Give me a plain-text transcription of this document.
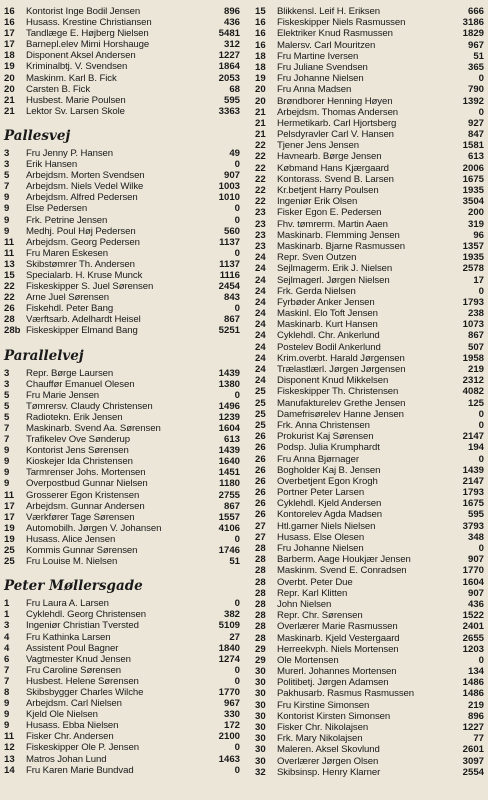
16	Kontorist Inge Bodil Jensen	896
16	Husass. Krestine Christiansen	436
17	Tandlæge E. Højberg Nielsen	5481
17	Barnepl.elev Mimi Horshauge	312
18	Disponent Aksel Andersen	1227
19	Kriminalbtj. V. Svendsen	1864
20	Maskinm. Karl B. Fick	2053
20	Carsten B. Fick	68
21	Husbest. Marie Poulsen	595
21	Lektor Sv. Larsen Skole	3363
Pallesvej
3	Fru Jenny P. Hansen	49
3	Erik Hansen	0
5	Arbejdsm. Morten Svendsen	907
7	Arbejdsm. Niels Vedel Wilke	1003
9	Arbejdsm. Alfred Pedersen	1010
9	Else Pedersen	0
9	Frk. Petrine Jensen	0
9	Medhj. Poul Høj Pedersen	560
11	Arbejdsm. Georg Pedersen	1137
11	Fru Maren Eskesen	0
13	Skibstømrer Th. Andersen	1137
15	Specialarb. H. Kruse Munck	1116
22	Fiskeskipper S. Juel Sørensen	2454
22	Arne Juel Sørensen	843
26	Fiskehdl. Peter Bang	0
28	Værftsarb. Adelhardt Heisel	867
28b Fiskeskipper Elmand Bang	5251
Parallelvej
3	Repr. Børge Laursen	1439
3	Chauffør Emanuel Olesen	1380
5	Fru Marie Jensen	0
5	Tømrersv. Claudy Christensen	1496
5	Radiotekn. Erik Jensen	1239
7	Maskinarb. Svend Aa. Sørensen	1604
7	Trafikelev Ove Sønderup	613
9	Kontorist Jens Sørensen	1439
9	Kioskejer Ida Christensen	1640
9	Tarmrenser Johs. Mortensen	1451
9	Overpostbud Gunnar Nielsen	1180
11	Grosserer Egon Kristensen	2755
17	Arbejdsm. Gunnar Andersen	867
17	Værkfører Tage Sørensen	1557
19	Automobilh. Jørgen V. Johansen	4106
19	Husass. Alice Jensen	0
25	Kommis Gunnar Sørensen	1746
25	Fru Louise M. Nielsen	51
Peter Møllersgade
1	Fru Laura A. Larsen	0
1	Cyklehdl. Georg Christensen	382
3	Ingeniør Christian Tversted	5109
4	Fru Kathinka Larsen	27
4	Assistent Poul Bagner	1840
6	Vagtmester Knud Jensen	1274
7	Fru Caroline Sørensen	0
7	Husbest. Helene Sørensen	0
8	Skibsbygger Charles Wilche	1770
9	Arbejdsm. Carl Nielsen	967
9	Kjeld Ole Nielsen	330
9	Husass. Ebba Nielsen	172
11	Fisker Chr. Andersen	2100
12	Fiskeskipper Ole P. Jensen	0
13	Matros Johan Lund	1463
14	Fru Karen Marie Bundvad	0
15	Blikkensl. Leif H. Eriksen	666
16	Fiskeskipper Niels Rasmussen	3186
16	Elektriker Knud Rasmussen	1829
16	Malersv. Carl Mouritzen	967
18	Fru Martine Iversen	51
18	Fru Juliane Svendsen	365
19	Fru Johanne Nielsen	0
20	Fru Anna Madsen	790
20	Brøndborer Henning Høyen	1392
21	Arbejdsm. Thomas Andersen	0
21	Hermetikarb. Carl Hjortsberg	927
21	Pelsdyravler Carl V. Hansen	847
22	Tjener Jens Jensen	1581
22	Havnearb. Børge Jensen	613
22	Købmand Hans Kjærgaard	2006
22	Kontorass. Svend B. Larsen	1675
22	Kr.betjent Harry Poulsen	1935
22	Ingeniør Erik Olsen	3504
23	Fisker Egon E. Pedersen	200
23	Fhv. tømrerm. Martin Aaen	319
23	Maskinarb. Flemming Jensen	96
23	Maskinarb. Bjarne Rasmussen	1357
24	Repr. Sven Outzen	1935
24	Sejlmagerm. Erik J. Nielsen	2578
24	Sejlmagerl. Jørgen Nielsen	17
24	Frk. Gerda Nielsen	0
24	Fyrbøder Anker Jensen	1793
24	Maskinl. Elo Toft Jensen	238
24	Maskinarb. Kurt Hansen	1073
24	Cyklehdl. Chr. Ankerlund	867
24	Postelev Bodil Ankerlund	507
24	Krim.overbt. Harald Jørgensen	1958
24	Trælastlærl. Jørgen Jørgensen	219
24	Disponent Knud Mikkelsen	2312
25	Fiskeskipper Th. Christensen	4082
25	Manufakturelev Grethe Jensen	125
25	Damefrisørelev Hanne Jensen	0
25	Frk. Anna Christensen	0
26	Prokurist Kaj Sørensen	2147
26	Podsp. Julia Krumphardt	194
26	Fru Anna Bjørnager	0
26	Bogholder Kaj B. Jensen	1439
26	Overbetjent Egon Krogh	2147
26	Portner Peter Larsen	1793
26	Cyklehdl. Kjeld Andersen	1675
26	Kontorelev Agda Madsen	595
27	Htl.garner Niels Nielsen	3793
27	Husass. Else Olesen	348
28	Fru Johanne Nielsen	0
28	Barberm. Aage Houkjær Jensen	907
28	Maskinm. Svend E. Conradsen	1770
28	Overbt. Peter Due	1604
28	Repr. Karl Klitten	907
28	John Nielsen	436
28	Repr. Chr. Sørensen	1522
28	Overlærer Marie Rasmussen	2401
28	Maskinarb. Kjeld Vestergaard	2655
29	Herreekvph. Niels Mortensen	1203
29	Ole Mortensen	0
30	Murerl. Johannes Mortensen	134
30	Politibetj. Jørgen Adamsen	1486
30	Pakhusarb. Rasmus Rasmussen	1486
30	Fru Kirstine Simonsen	219
30	Kontorist Kirsten Simonsen	896
30	Fisker Chr. Nikolajsen	1227
30	Frk. Mary Nikolajsen	77
30	Maleren. Aksel Skovlund	2601
30	Overlærer Jørgen Olsen	3097
32	Skibsinsp. Henry Klarner	2554
